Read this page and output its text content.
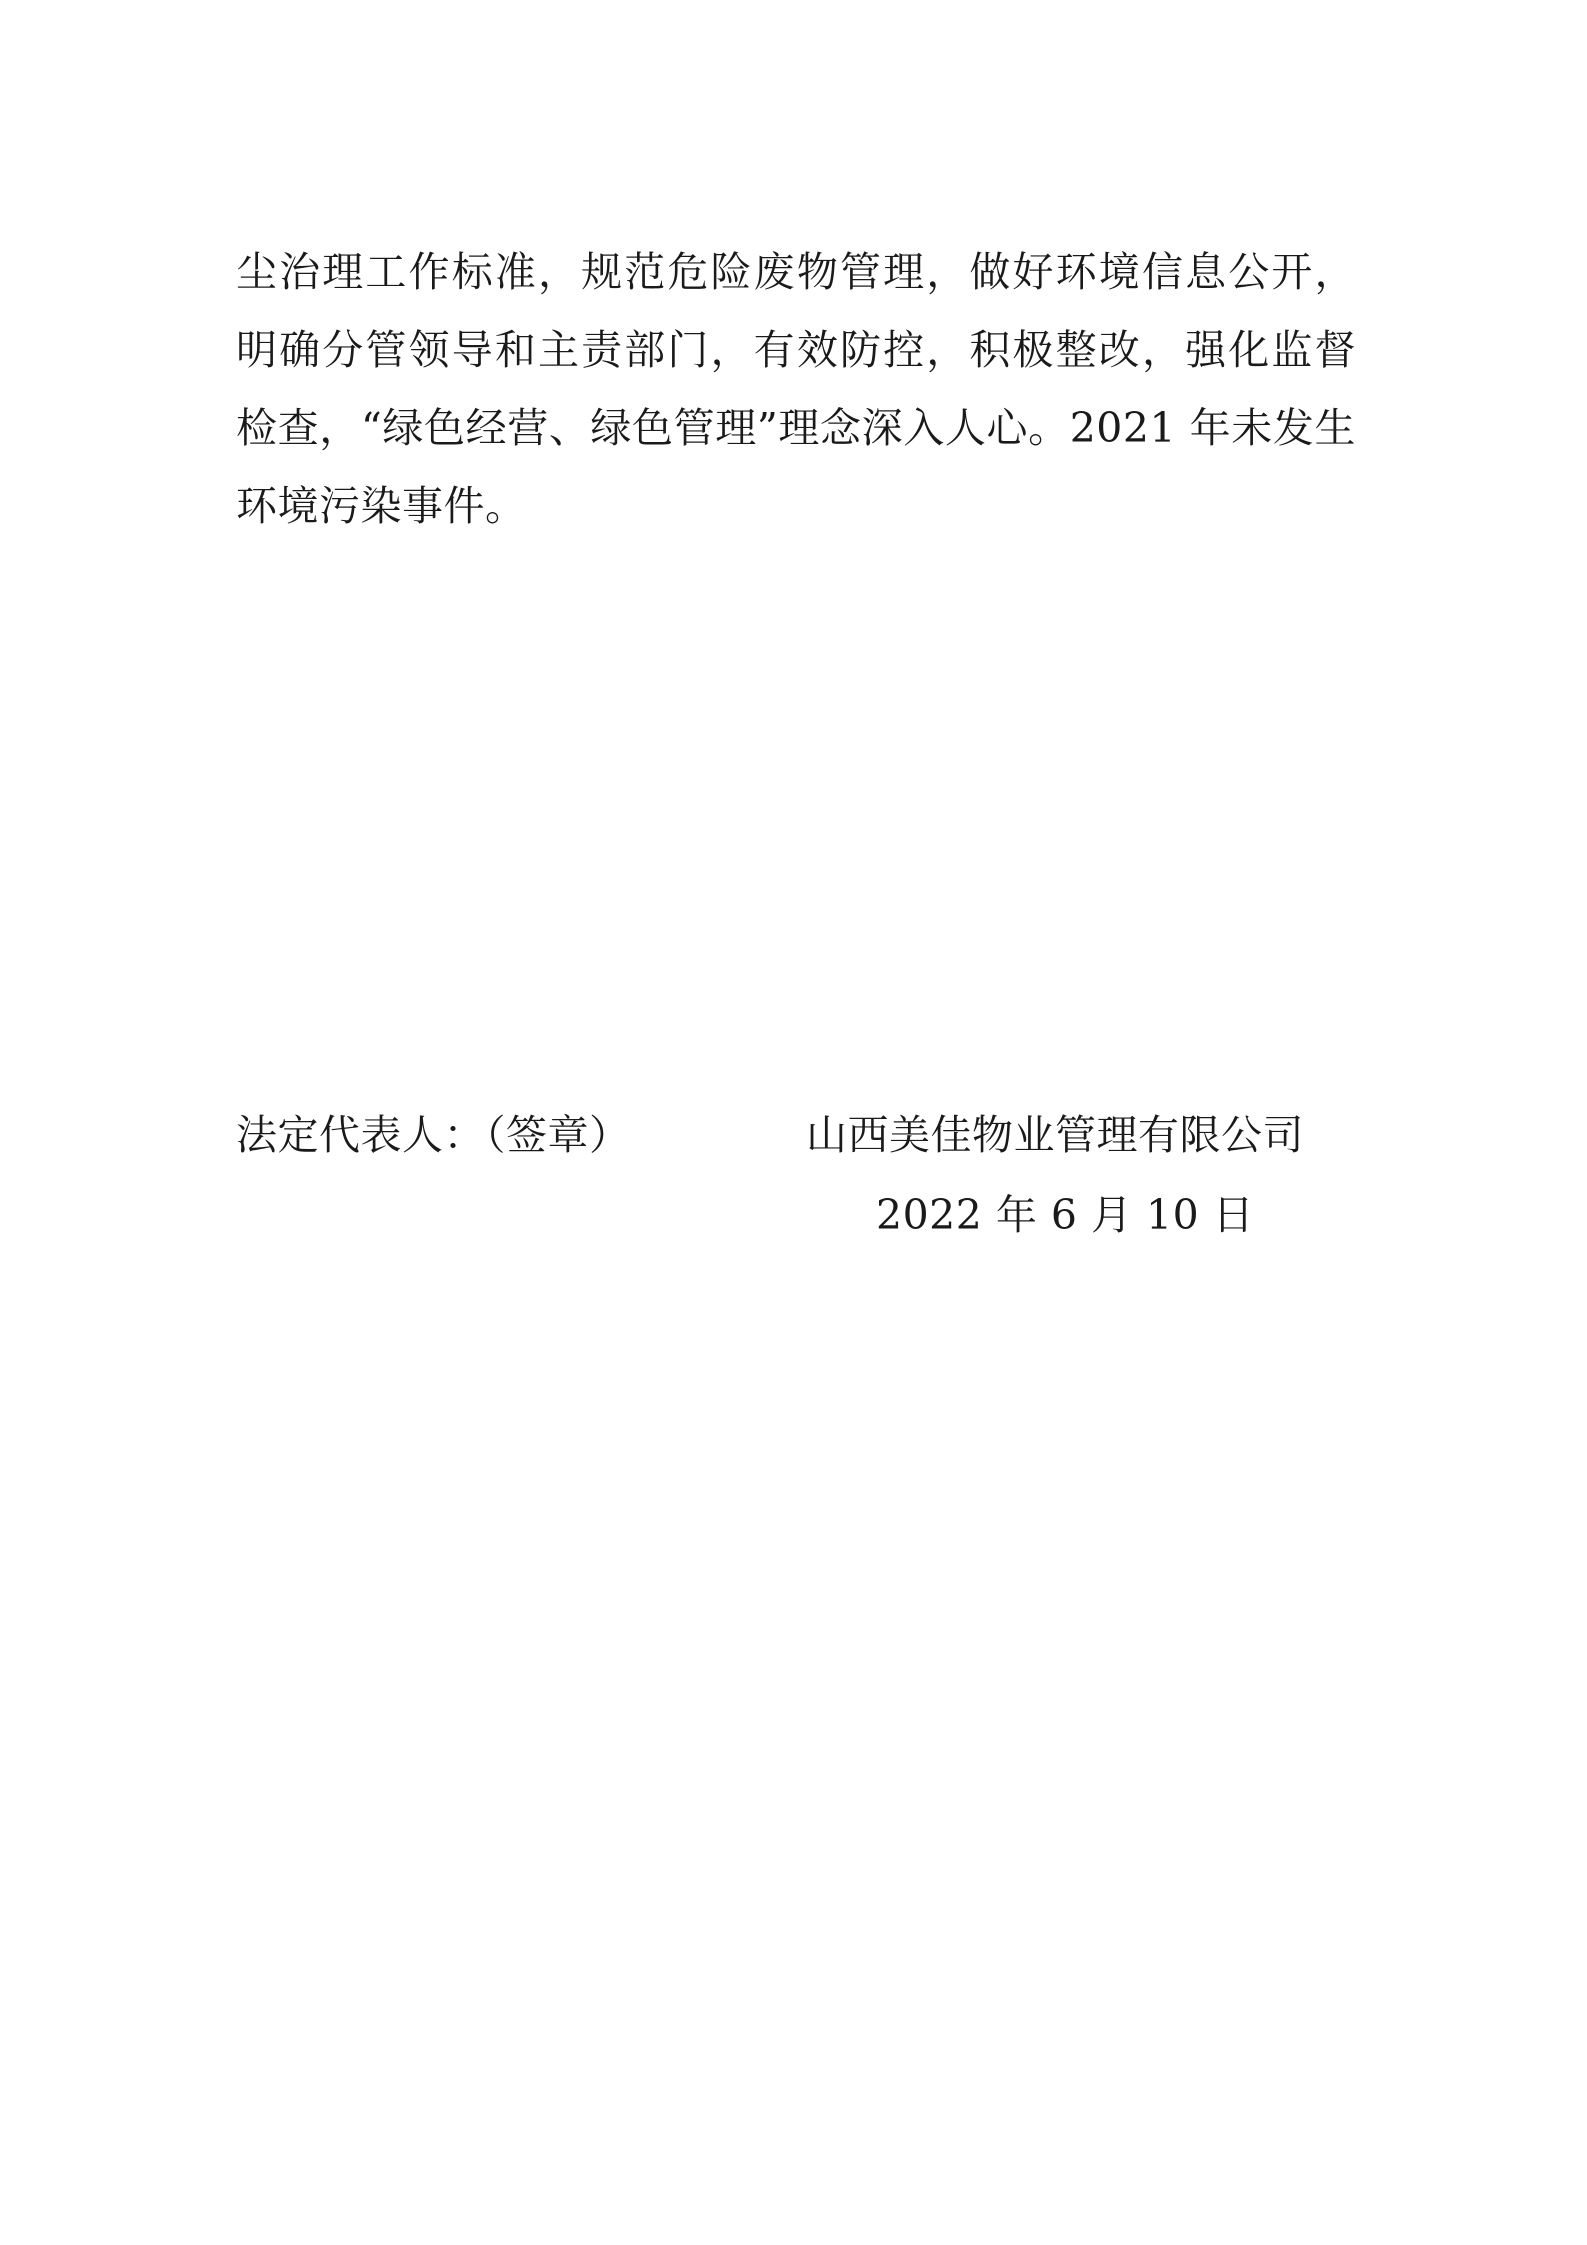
尘治理工作标准，规范危险废物管理，做好环境信息公开，明确分管领导和主责部门，有效防控，积极整改，强化监督检查，“绿色经营、绿色管理”理念深入人心。2021 年未发生环境污染事件。

法定代表人：（签章）	山西美佳物业管理有限公司
2022 年 6 月 10 日
